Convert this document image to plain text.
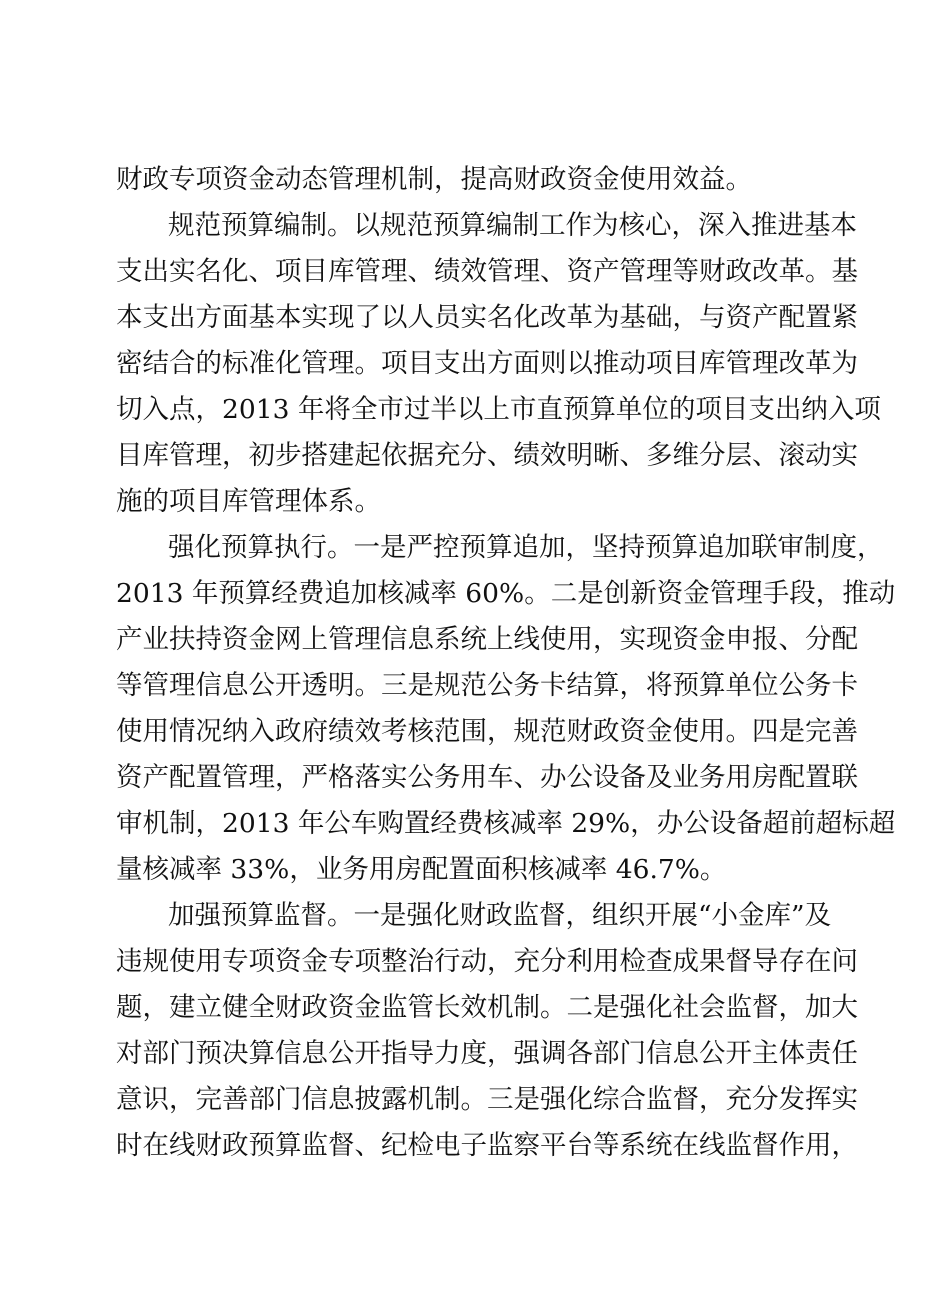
财政专项资金动态管理机制，提高财政资金使用效益。
规范预算编制。以规范预算编制工作为核心，深入推进基本
支出实名化、项目库管理、绩效管理、资产管理等财政改革。基
本支出方面基本实现了以人员实名化改革为基础，与资产配置紧
密结合的标准化管理。项目支出方面则以推动项目库管理改革为
切入点，2013 年将全市过半以上市直预算单位的项目支出纳入项
目库管理，初步搭建起依据充分、绩效明晰、多维分层、滚动实
施的项目库管理体系。
强化预算执行。一是严控预算追加，坚持预算追加联审制度，
2013 年预算经费追加核减率 60%。二是创新资金管理手段，推动
产业扶持资金网上管理信息系统上线使用，实现资金申报、分配
等管理信息公开透明。三是规范公务卡结算，将预算单位公务卡
使用情况纳入政府绩效考核范围，规范财政资金使用。四是完善
资产配置管理，严格落实公务用车、办公设备及业务用房配置联
审机制，2013 年公车购置经费核减率 29%，办公设备超前超标超
量核减率 33%，业务用房配置面积核减率 46.7%。
加强预算监督。一是强化财政监督，组织开展“小金库”及
违规使用专项资金专项整治行动，充分利用检查成果督导存在问
题，建立健全财政资金监管长效机制。二是强化社会监督，加大
对部门预决算信息公开指导力度，强调各部门信息公开主体责任
意识，完善部门信息披露机制。三是强化综合监督，充分发挥实
时在线财政预算监督、纪检电子监察平台等系统在线监督作用，
